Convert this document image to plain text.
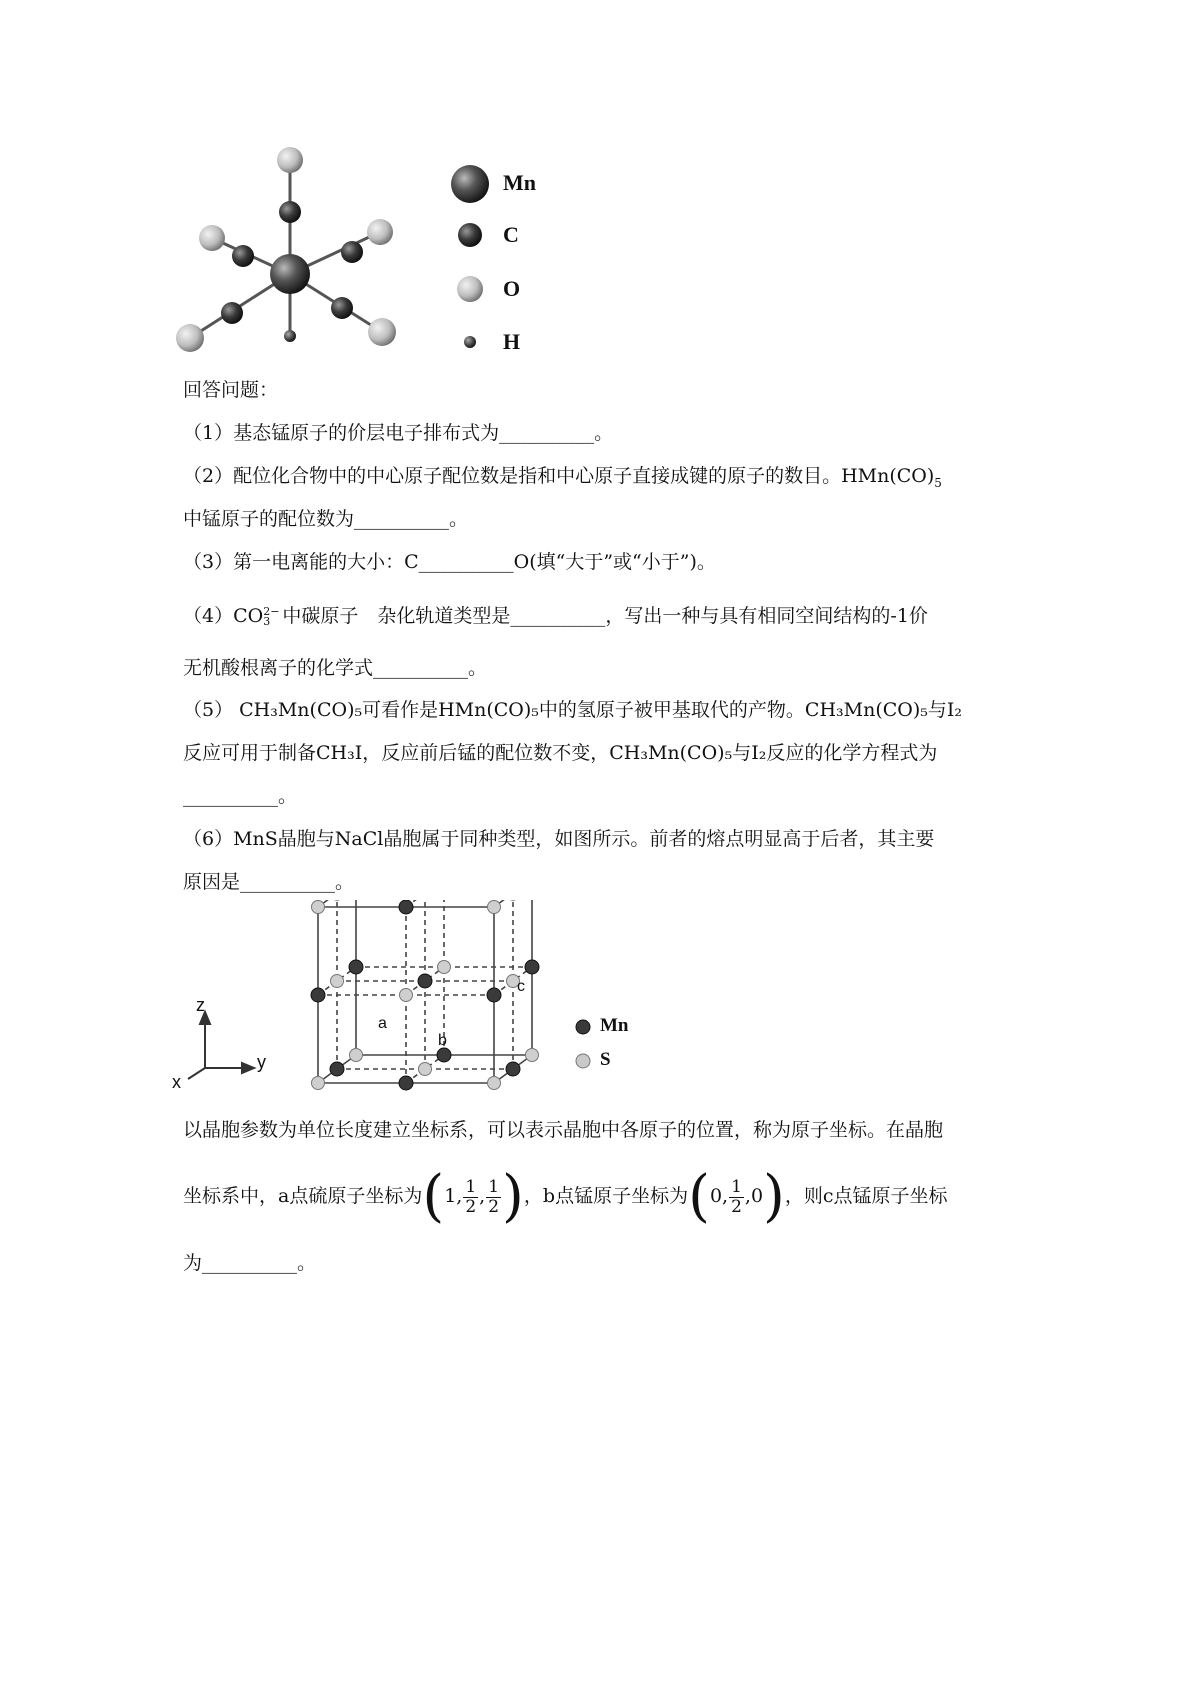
Mn
C
O
H
回答问题：
（1）基态锰原子的价层电子排布式为__________。
（2）配位化合物中的中心原子配位数是指和中心原子直接成键的原子的数目。$HMn(CO)_5$
中锰原子的配位数为__________。
（3）第一电离能的大小：C__________O(填“大于”或“小于”)。
（4）CO 2−
3 中碳原子　杂化轨道类型是__________，写出一种与具有相同空间结构的-1价
无机酸根离子的化学式__________。
（5） CH₃Mn(CO)₅可看作是HMn(CO)₅中的氢原子被甲基取代的产物。CH₃Mn(CO)₅与I₂
反应可用于制备CH₃I，反应前后锰的配位数不变，CH₃Mn(CO)₅与I₂反应的化学方程式为
__________。
（6）MnS晶胞与NaCl晶胞属于同种类型，如图所示。前者的熔点明显高于后者，其主要
原因是__________。
z
y
x
a
b
c
Mn
S
以晶胞参数为单位长度建立坐标系，可以表示晶胞中各原子的位置，称为原子坐标。在晶胞
坐标系中，a点硫原子坐标为(1, $\frac{1}{2}$ , $\frac{1}{2}$ )，b点锰原子坐标为(0, $\frac{1}{2} ,0$)，则c点锰原子坐标
为__________。
